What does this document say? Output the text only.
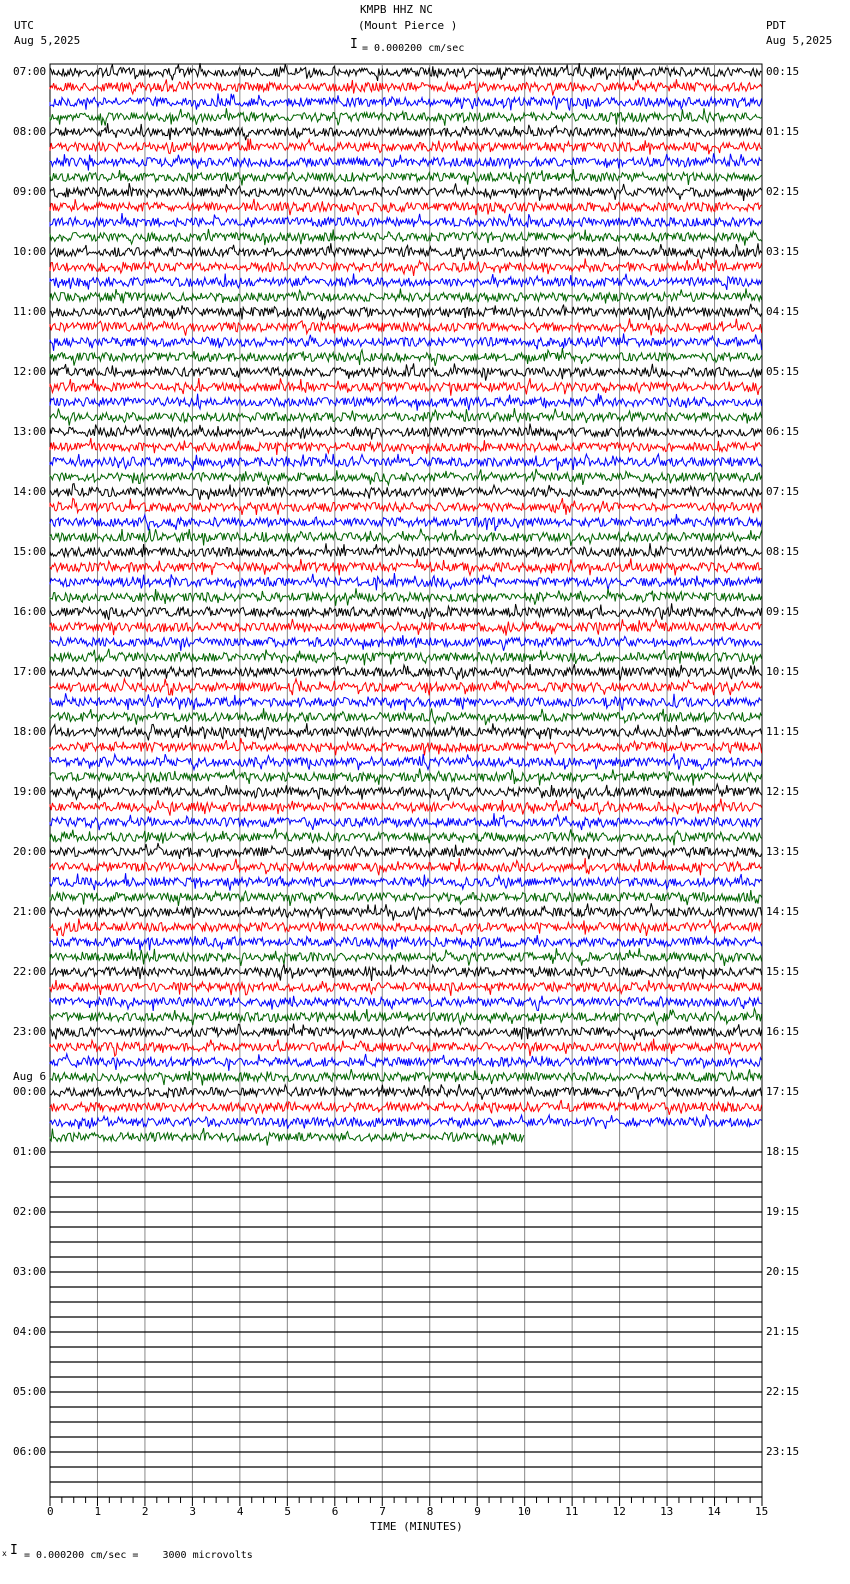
KMPB HHZ NC
(Mount Pierce )
UTC
Aug 5,2025
PDT
Aug 5,2025
I = 0.000200 cm/sec
TIME (MINUTES)
x I = 0.000200 cm/sec =    3000 microvolts
0	1	2	3	4	5	6	7	8	9	10	11	12	13	14	15
07:00
08:00
09:00
10:00
11:00
12:00
13:00
14:00
15:00
16:00
17:00
18:00
19:00
20:00
21:00
22:00
23:00
00:00
01:00
02:00
03:00
04:00
05:00
06:00
00:15
01:15
02:15
03:15
04:15
05:15
06:15
07:15
08:15
09:15
10:15
11:15
12:15
13:15
14:15
15:15
16:15
17:15
18:15
19:15
20:15
21:15
22:15
23:15
Aug 6
